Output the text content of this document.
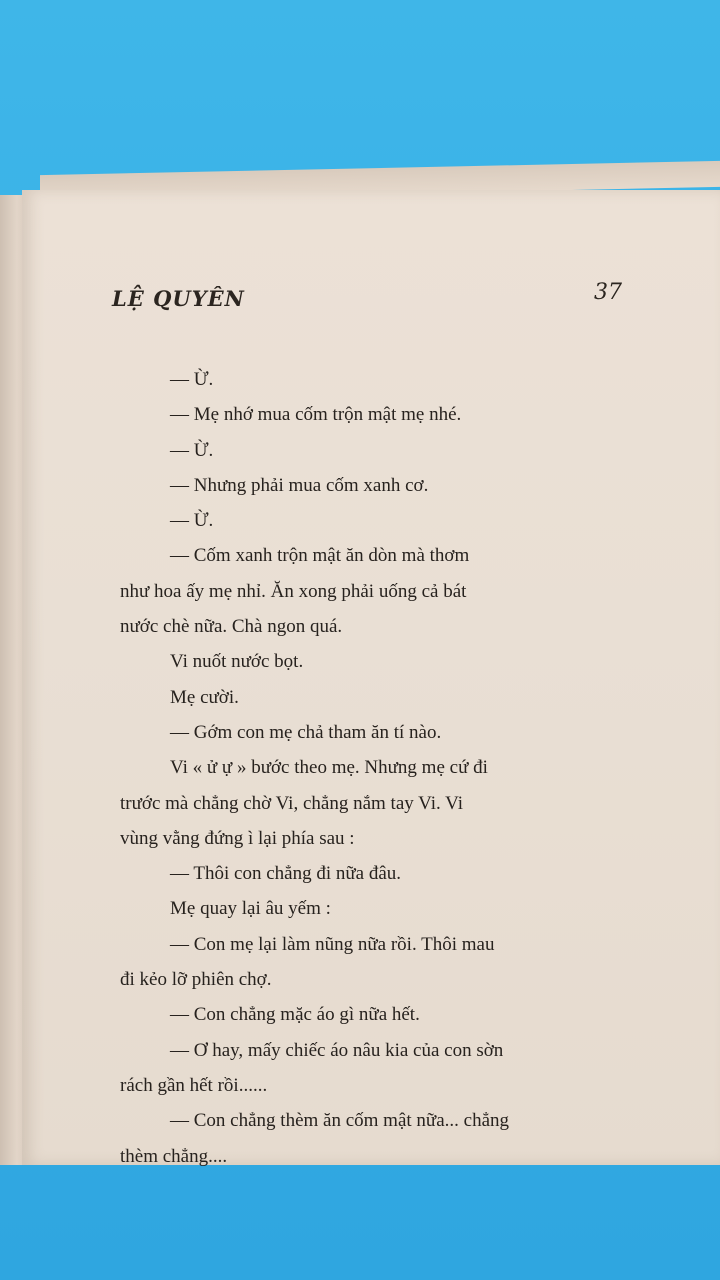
LỆ QUYÊN	37
— Ừ.
— Mẹ nhớ mua cốm trộn mật mẹ nhé.
— Ừ.
— Nhưng phải mua cốm xanh cơ.
— Ừ.
— Cốm xanh trộn mật ăn dòn mà thơm
như hoa ấy mẹ nhỉ. Ăn xong phải uống cả bát
nước chè nữa. Chà ngon quá.
Vi nuốt nước bọt.
Mẹ cười.
— Gớm con mẹ chả tham ăn tí nào.
Vi « ử ự » bước theo mẹ. Nhưng mẹ cứ đi
trước mà chẳng chờ Vi, chẳng nắm tay Vi. Vi
vùng vằng đứng ì lại phía sau :
— Thôi con chẳng đi nữa đâu.
Mẹ quay lại âu yếm :
— Con mẹ lại làm nũng nữa rồi. Thôi mau
đi kẻo lỡ phiên chợ.
— Con chẳng mặc áo gì nữa hết.
— Ơ hay, mấy chiếc áo nâu kia của con sờn
rách gần hết rồi......
— Con chẳng thèm ăn cốm mật nữa... chẳng
thèm chẳng....
